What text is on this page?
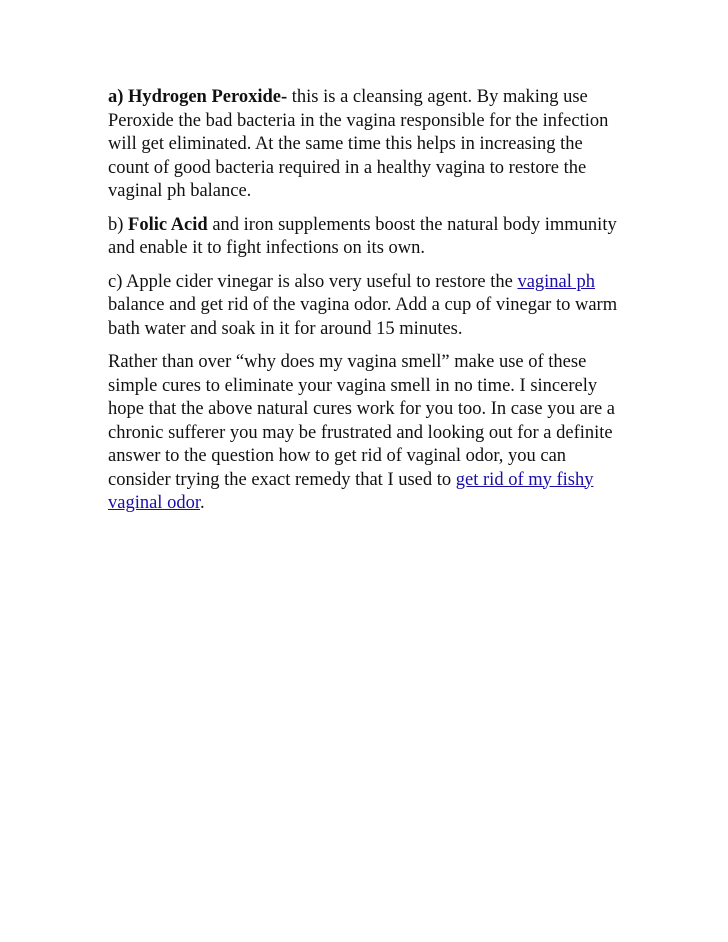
a) Hydrogen Peroxide- this is a cleansing agent. By making use Peroxide the bad bacteria in the vagina responsible for the infection will get eliminated. At the same time this helps in increasing the count of good bacteria required in a healthy vagina to restore the vaginal ph balance.

b) Folic Acid and iron supplements boost the natural body immunity and enable it to fight infections on its own.

c) Apple cider vinegar is also very useful to restore the vaginal ph balance and get rid of the vagina odor. Add a cup of vinegar to warm bath water and soak in it for around 15 minutes.

Rather than over “why does my vagina smell” make use of these simple cures to eliminate your vagina smell in no time. I sincerely hope that the above natural cures work for you too. In case you are a chronic sufferer you may be frustrated and looking out for a definite answer to the question how to get rid of vaginal odor, you can consider trying the exact remedy that I used to get rid of my fishy vaginal odor.
